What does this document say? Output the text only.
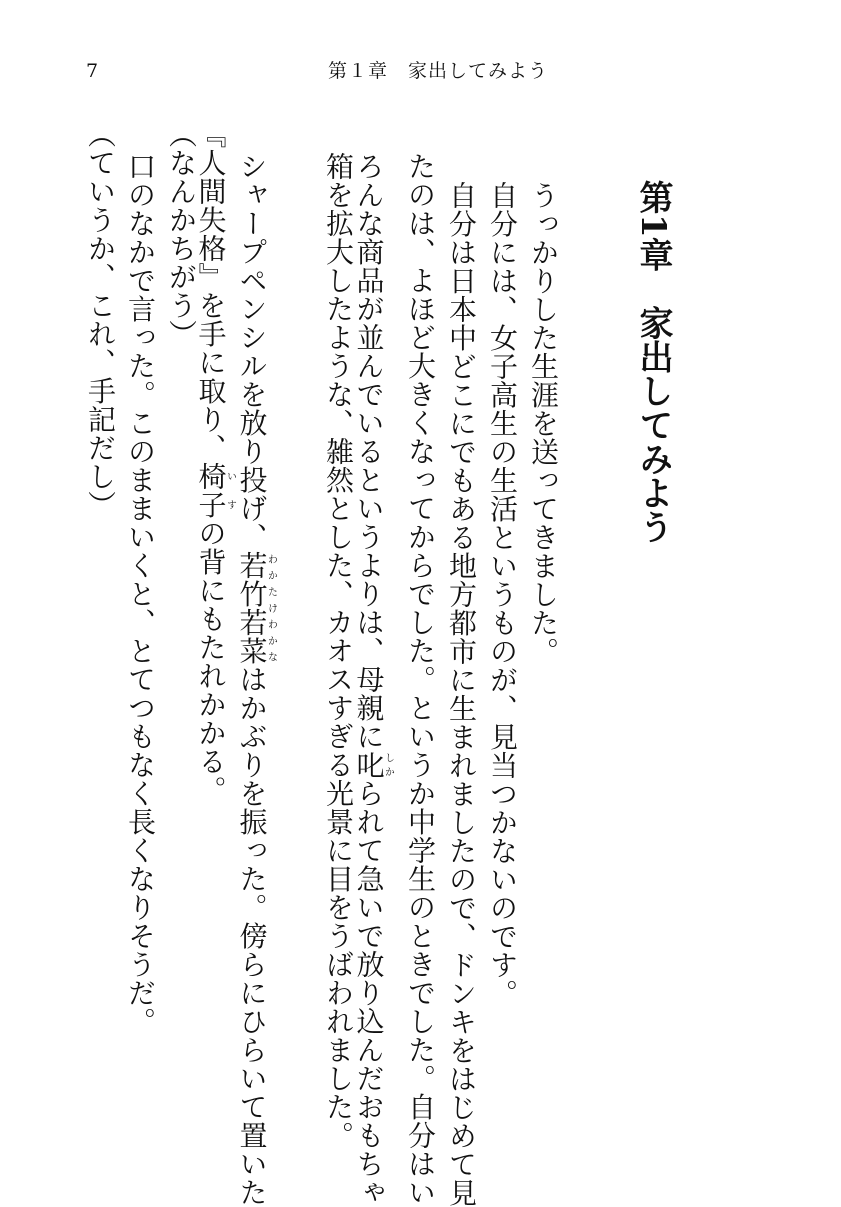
7	第１章　家出してみよう
第1章　家出してみよう
うっかりした生涯を送ってきました。
自分には、女子高生の生活というものが、見当つかないのです。
自分は日本中どこにでもある地方都市に生まれましたので、ドンキをはじめて見
たのは、よほど大きくなってからでした。というか中学生のときでした。自分はい
ろんな商品が並んでいるというよりは、母親に叱しかられて急いで放り込んだおもちゃ
箱を拡大したような、雑然とした、カオスすぎる光景に目をうばわれました。
シャープペンシルを放り投げ、若竹若菜わかたけわかなはかぶりを振った。傍らにひらいて置いた
『人間失格』を手に取り、椅子いすの背にもたれかかる。
（なんかちがう）
口のなかで言った。このままいくと、とてつもなく長くなりそうだ。
（ていうか、これ、手記だし）
